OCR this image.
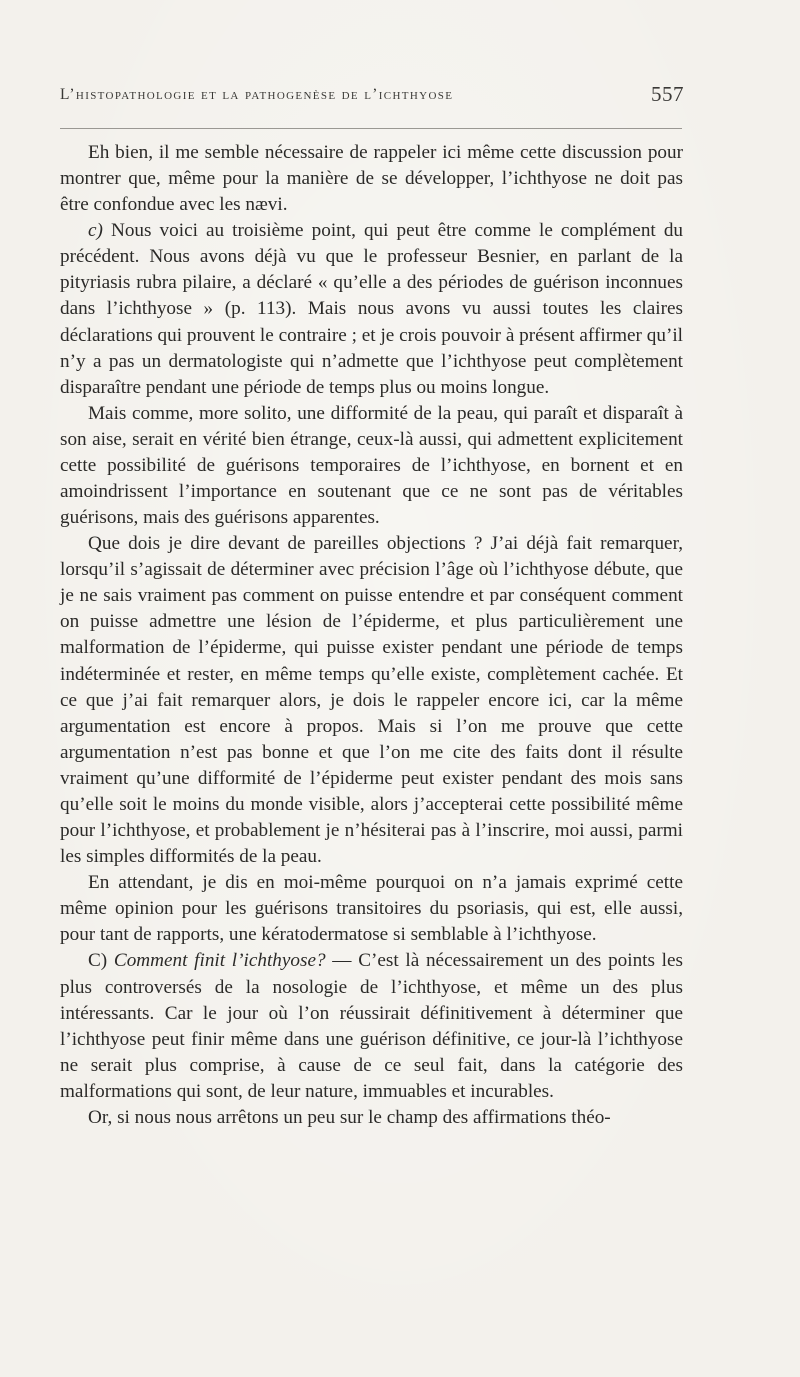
L’histopathologie et la pathogenèse de l’ichthyose	557

Eh bien, il me semble nécessaire de rappeler ici même cette discussion pour montrer que, même pour la manière de se développer, l’ichthyose ne doit pas être confondue avec les nævi.

c) Nous voici au troisième point, qui peut être comme le complément du précédent. Nous avons déjà vu que le professeur Besnier, en parlant de la pityriasis rubra pilaire, a déclaré « qu’elle a des périodes de guérison inconnues dans l’ichthyose » (p. 113). Mais nous avons vu aussi toutes les claires déclarations qui prouvent le contraire ; et je crois pouvoir à présent affirmer qu’il n’y a pas un dermatologiste qui n’admette que l’ichthyose peut complètement disparaître pendant une période de temps plus ou moins longue.

Mais comme, more solito, une difformité de la peau, qui paraît et disparaît à son aise, serait en vérité bien étrange, ceux-là aussi, qui admettent explicitement cette possibilité de guérisons temporaires de l’ichthyose, en bornent et en amoindrissent l’importance en soutenant que ce ne sont pas de véritables guérisons, mais des guérisons apparentes.

Que dois je dire devant de pareilles objections ? J’ai déjà fait remarquer, lorsqu’il s’agissait de déterminer avec précision l’âge où l’ichthyose débute, que je ne sais vraiment pas comment on puisse entendre et par conséquent comment on puisse admettre une lésion de l’épiderme, et plus particulièrement une malformation de l’épiderme, qui puisse exister pendant une période de temps indéterminée et rester, en même temps qu’elle existe, complètement cachée. Et ce que j’ai fait remarquer alors, je dois le rappeler encore ici, car la même argumentation est encore à propos. Mais si l’on me prouve que cette argumentation n’est pas bonne et que l’on me cite des faits dont il résulte vraiment qu’une difformité de l’épiderme peut exister pendant des mois sans qu’elle soit le moins du monde visible, alors j’accepterai cette possibilité même pour l’ichthyose, et probablement je n’hésiterai pas à l’inscrire, moi aussi, parmi les simples difformités de la peau.

En attendant, je dis en moi-même pourquoi on n’a jamais exprimé cette même opinion pour les guérisons transitoires du psoriasis, qui est, elle aussi, pour tant de rapports, une kératodermatose si semblable à l’ichthyose.

C) Comment finit l’ichthyose? — C’est là nécessairement un des points les plus controversés de la nosologie de l’ichthyose, et même un des plus intéressants. Car le jour où l’on réussirait définitivement à déterminer que l’ichthyose peut finir même dans une guérison définitive, ce jour-là l’ichthyose ne serait plus comprise, à cause de ce seul fait, dans la catégorie des malformations qui sont, de leur nature, immuables et incurables.

Or, si nous nous arrêtons un peu sur le champ des affirmations théo-
